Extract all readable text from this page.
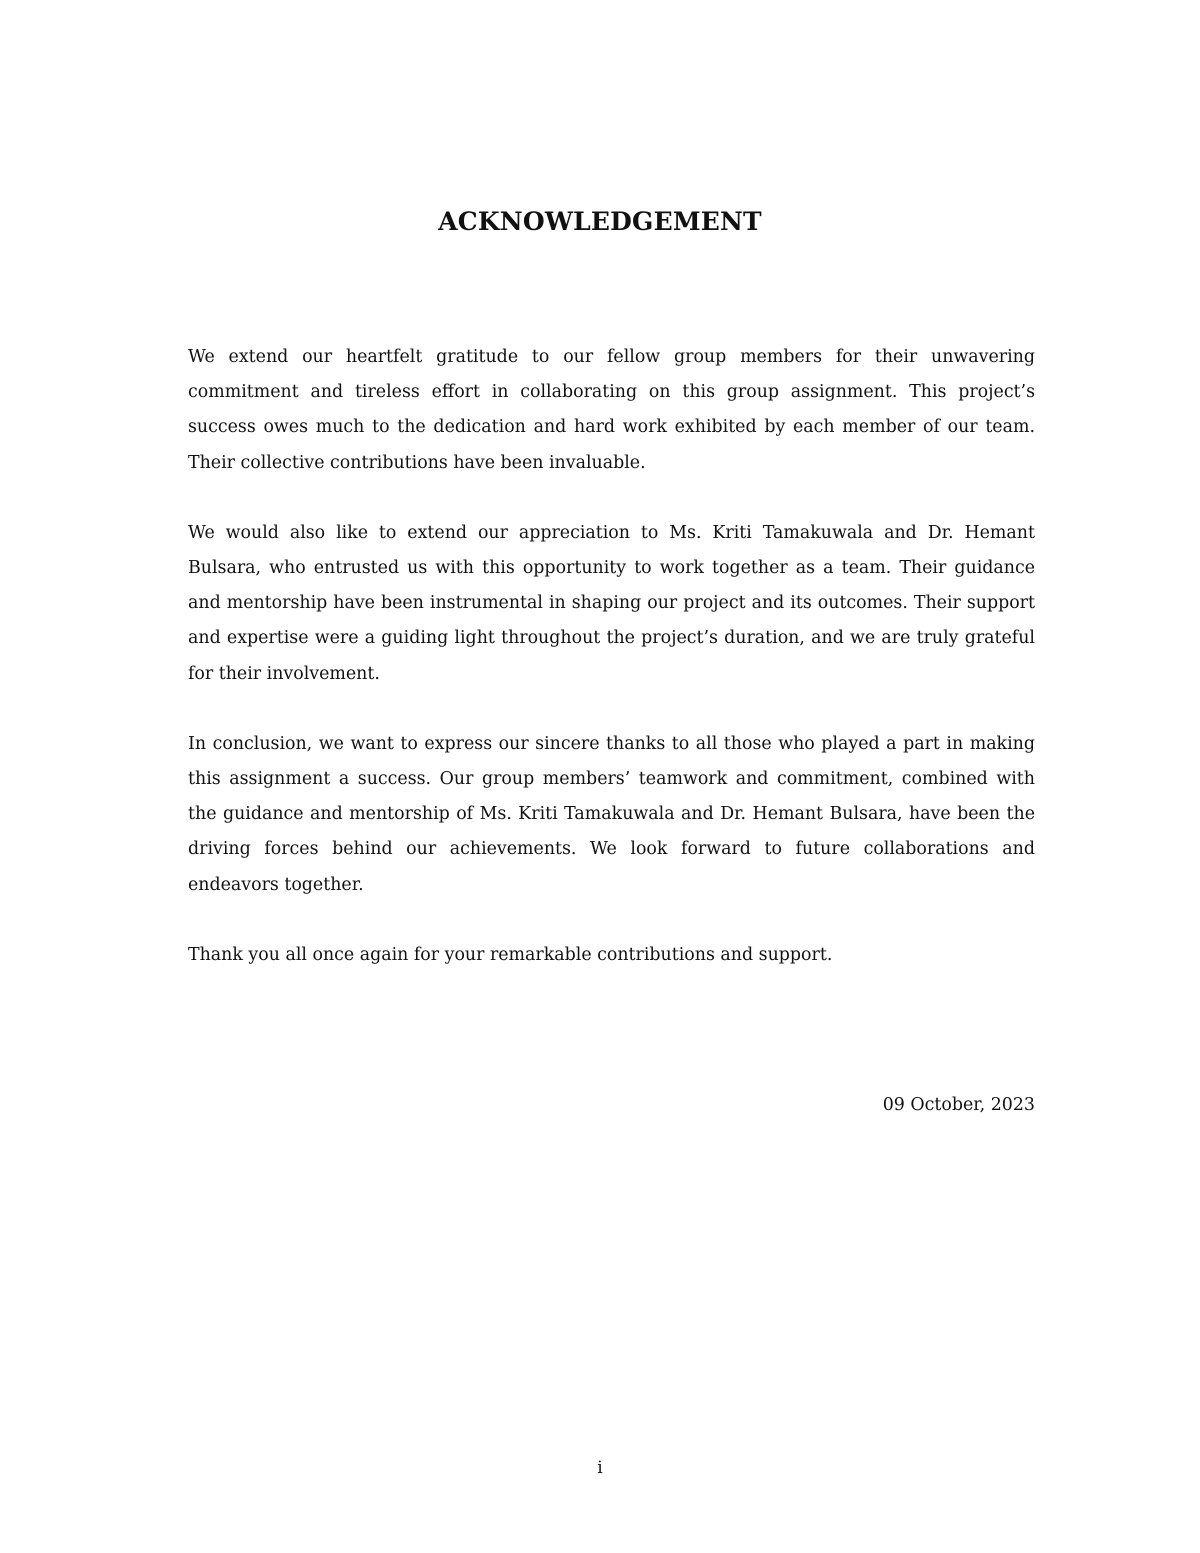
ACKNOWLEDGEMENT

We extend our heartfelt gratitude to our fellow group members for their unwavering commitment and tireless effort in collaborating on this group assignment. This project’s success owes much to the dedication and hard work exhibited by each member of our team. Their collective contributions have been invaluable.

We would also like to extend our appreciation to Ms. Kriti Tamakuwala and Dr. Hemant Bulsara, who entrusted us with this opportunity to work together as a team. Their guidance and mentorship have been instrumental in shaping our project and its outcomes. Their support and expertise were a guiding light throughout the project’s duration, and we are truly grateful for their involvement.

In conclusion, we want to express our sincere thanks to all those who played a part in making this assignment a success. Our group members’ teamwork and commitment, combined with the guidance and mentorship of Ms. Kriti Tamakuwala and Dr. Hemant Bulsara, have been the driving forces behind our achievements. We look forward to future collaborations and endeavors together.

Thank you all once again for your remarkable contributions and support.

09 October, 2023
i
